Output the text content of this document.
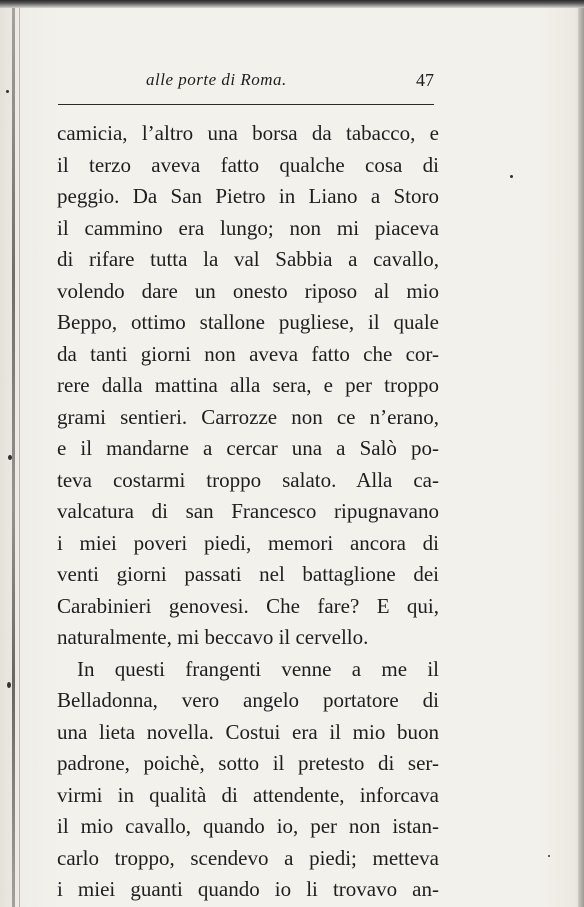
alle porte di Roma.	47
camicia, l’altro una borsa da tabacco, e
il terzo aveva fatto qualche cosa di
peggio. Da San Pietro in Liano a Storo
il cammino era lungo; non mi piaceva
di rifare tutta la val Sabbia a cavallo,
volendo dare un onesto riposo al mio
Beppo, ottimo stallone pugliese, il quale
da tanti giorni non aveva fatto che cor-
rere dalla mattina alla sera, e per troppo
grami sentieri. Carrozze non ce n’erano,
e il mandarne a cercar una a Salò po-
teva costarmi troppo salato. Alla ca-
valcatura di san Francesco ripugnavano
i miei poveri piedi, memori ancora di
venti giorni passati nel battaglione dei
Carabinieri genovesi. Che fare? E qui,
naturalmente, mi beccavo il cervello.
In questi frangenti venne a me il
Belladonna, vero angelo portatore di
una lieta novella. Costui era il mio buon
padrone, poichè, sotto il pretesto di ser-
virmi in qualità di attendente, inforcava
il mio cavallo, quando io, per non istan-
carlo troppo, scendevo a piedi; metteva
i miei guanti quando io li trovavo an-
